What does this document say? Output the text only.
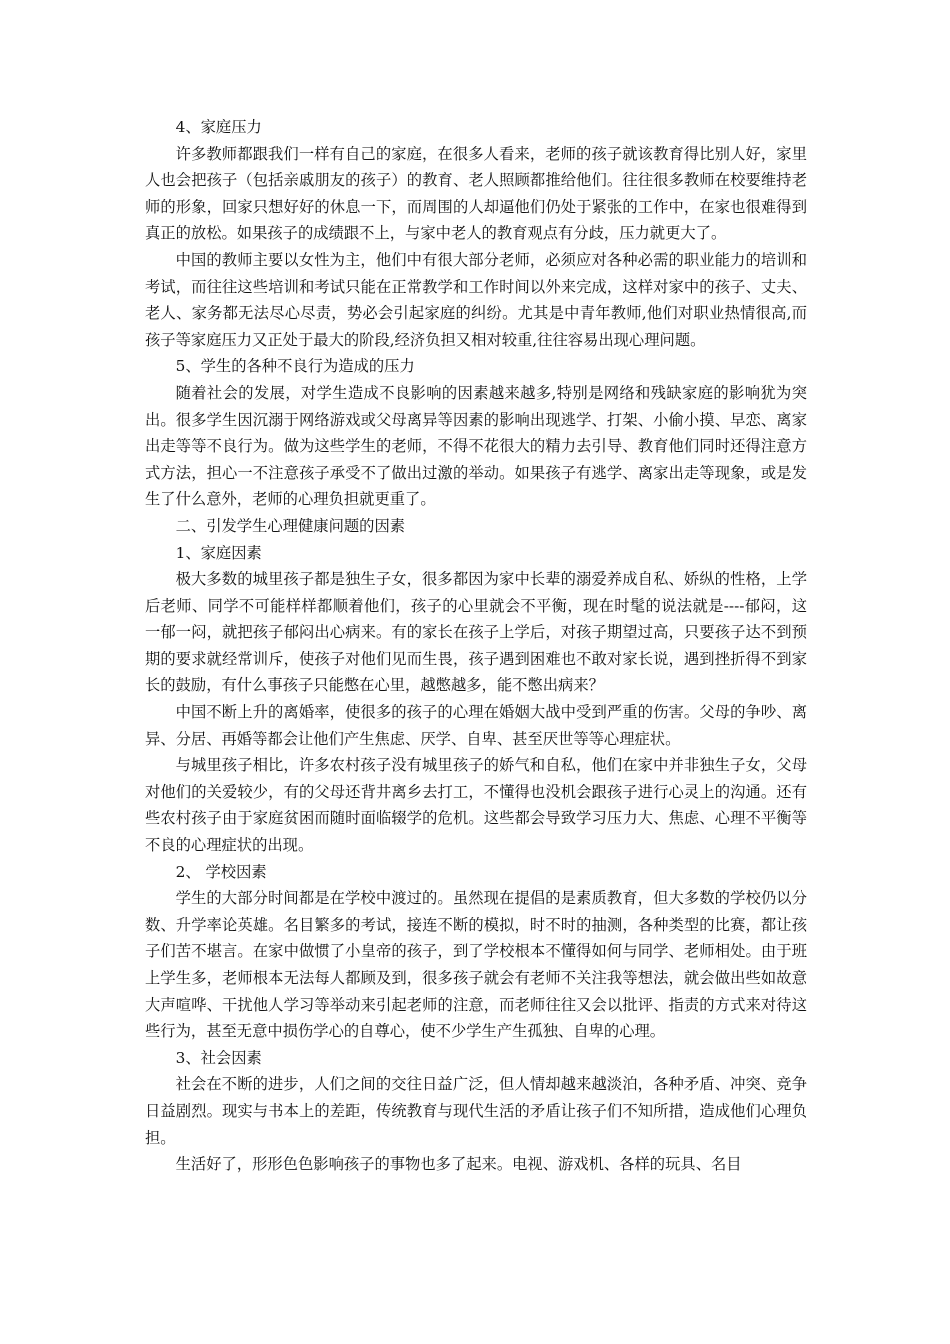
4、家庭压力

许多教师都跟我们一样有自己的家庭，在很多人看来，老师的孩子就该教育得比别人好，家里人也会把孩子（包括亲戚朋友的孩子）的教育、老人照顾都推给他们。往往很多教师在校要维持老师的形象，回家只想好好的休息一下，而周围的人却逼他们仍处于紧张的工作中，在家也很难得到真正的放松。如果孩子的成绩跟不上，与家中老人的教育观点有分歧，压力就更大了。

中国的教师主要以女性为主，他们中有很大部分老师，必须应对各种必需的职业能力的培训和考试，而往往这些培训和考试只能在正常教学和工作时间以外来完成，这样对家中的孩子、丈夫、老人、家务都无法尽心尽责，势必会引起家庭的纠纷。尤其是中青年教师,他们对职业热情很高,而孩子等家庭压力又正处于最大的阶段,经济负担又相对较重,往往容易出现心理问题。

5、学生的各种不良行为造成的压力

随着社会的发展，对学生造成不良影响的因素越来越多,特别是网络和残缺家庭的影响犹为突出。很多学生因沉溺于网络游戏或父母离异等因素的影响出现逃学、打架、小偷小摸、早恋、离家出走等等不良行为。做为这些学生的老师，不得不花很大的精力去引导、教育他们同时还得注意方式方法，担心一不注意孩子承受不了做出过激的举动。如果孩子有逃学、离家出走等现象，或是发生了什么意外，老师的心理负担就更重了。

二、引发学生心理健康问题的因素

1、家庭因素

极大多数的城里孩子都是独生子女，很多都因为家中长辈的溺爱养成自私、娇纵的性格，上学后老师、同学不可能样样都顺着他们，孩子的心里就会不平衡，现在时髦的说法就是----郁闷，这一郁一闷，就把孩子郁闷出心病来。有的家长在孩子上学后，对孩子期望过高，只要孩子达不到预期的要求就经常训斥，使孩子对他们见而生畏，孩子遇到困难也不敢对家长说，遇到挫折得不到家长的鼓励，有什么事孩子只能憋在心里，越憋越多，能不憋出病来？

中国不断上升的离婚率，使很多的孩子的心理在婚姻大战中受到严重的伤害。父母的争吵、离异、分居、再婚等都会让他们产生焦虑、厌学、自卑、甚至厌世等等心理症状。

与城里孩子相比，许多农村孩子没有城里孩子的娇气和自私，他们在家中并非独生子女，父母对他们的关爱较少，有的父母还背井离乡去打工，不懂得也没机会跟孩子进行心灵上的沟通。还有些农村孩子由于家庭贫困而随时面临辍学的危机。这些都会导致学习压力大、焦虑、心理不平衡等不良的心理症状的出现。

2、 学校因素

学生的大部分时间都是在学校中渡过的。虽然现在提倡的是素质教育，但大多数的学校仍以分数、升学率论英雄。名目繁多的考试，接连不断的模拟，时不时的抽测，各种类型的比赛，都让孩子们苦不堪言。在家中做惯了小皇帝的孩子，到了学校根本不懂得如何与同学、老师相处。由于班上学生多，老师根本无法每人都顾及到，很多孩子就会有老师不关注我等想法，就会做出些如故意大声喧哗、干扰他人学习等举动来引起老师的注意，而老师往往又会以批评、指责的方式来对待这些行为，甚至无意中损伤学心的自尊心，使不少学生产生孤独、自卑的心理。

3、社会因素

社会在不断的进步，人们之间的交往日益广泛，但人情却越来越淡泊，各种矛盾、冲突、竞争日益剧烈。现实与书本上的差距，传统教育与现代生活的矛盾让孩子们不知所措，造成他们心理负担。

生活好了，形形色色影响孩子的事物也多了起来。电视、游戏机、各样的玩具、名目
